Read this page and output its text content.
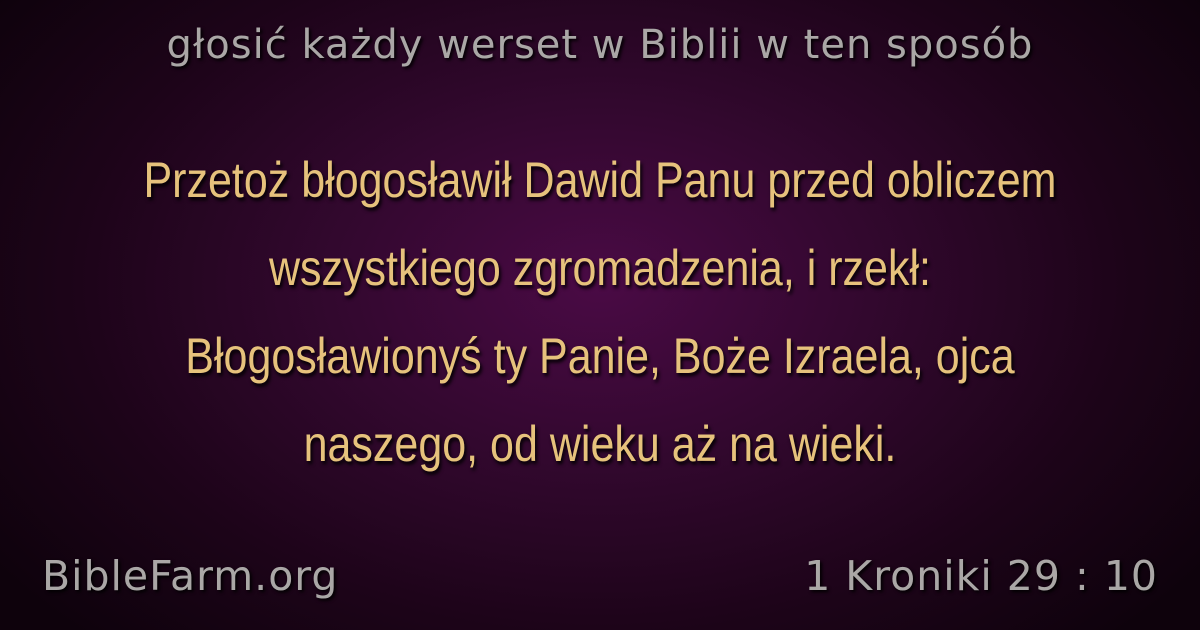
głosić każdy werset w Biblii w ten sposób
Przetoż błogosławił Dawid Panu przed obliczem wszystkiego zgromadzenia, i rzekł: Błogosławionyś ty Panie, Boże Izraela, ojca naszego, od wieku aż na wieki.
BibleFarm.org	1 Kroniki 29 : 10
